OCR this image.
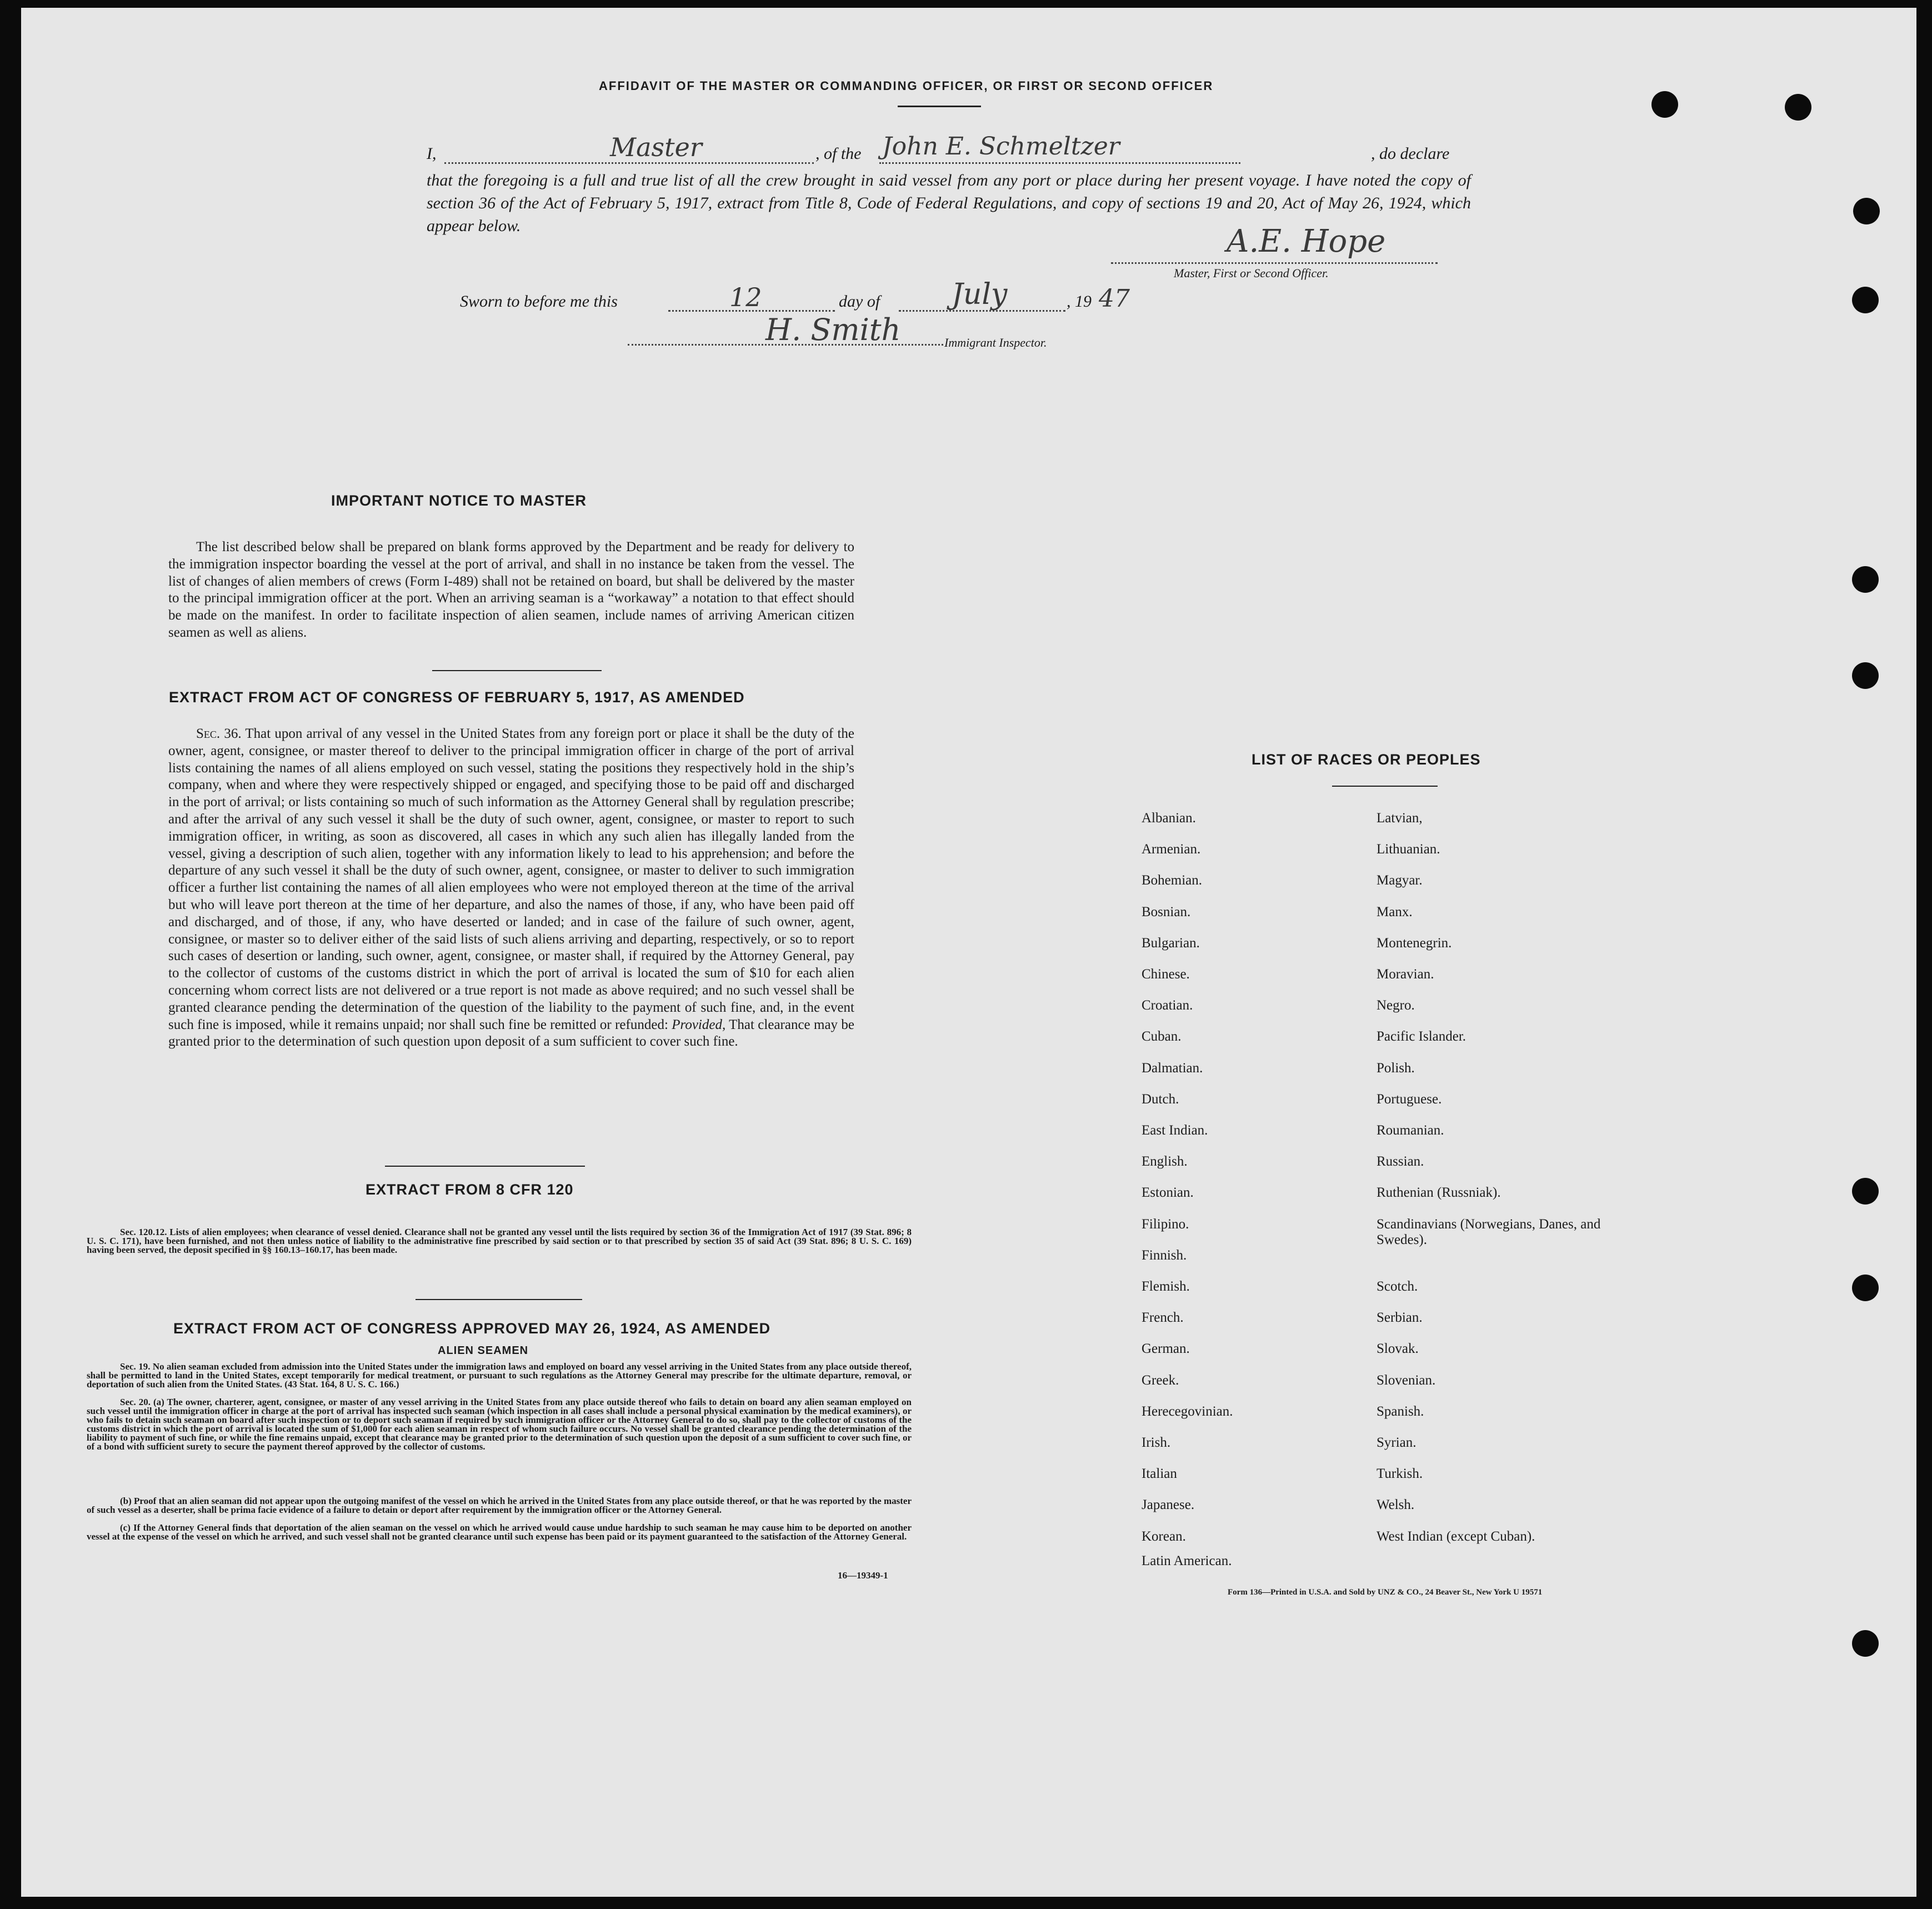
AFFIDAVIT OF THE MASTER OR COMMANDING OFFICER, OR FIRST OR SECOND OFFICER
I,	Master	, of the John E. Schmeltzer	, do declare
that the foregoing is a full and true list of all the crew brought in said vessel from any port or place during her present voyage. I have noted the copy of section 36 of the Act of February 5, 1917, extract from Title 8, Code of Federal Regulations, and copy of sections 19 and 20, Act of May 26, 1924, which appear below.	A.E. Hope
Master, First or Second Officer.
Sworn to before me this	12	day of July	, 19 47
H. Smith	Immigrant Inspector.
IMPORTANT NOTICE TO MASTER
The list described below shall be prepared on blank forms approved by the Department and be ready for delivery to the immigration inspector boarding the vessel at the port of arrival, and shall in no instance be taken from the vessel. The list of changes of alien members of crews (Form I-489) shall not be retained on board, but shall be delivered by the master to the principal immigration officer at the port. When an arriving seaman is a “workaway” a notation to that effect should be made on the manifest. In order to facilitate inspection of alien seamen, include names of arriving American citizen seamen as well as aliens.
EXTRACT FROM ACT OF CONGRESS OF FEBRUARY 5, 1917, AS AMENDED
Sec. 36. That upon arrival of any vessel in the United States from any foreign port or place it shall be the duty of the owner, agent, consignee, or master thereof to deliver to the principal immigration officer in charge of the port of arrival lists containing the names of all aliens employed on such vessel, stating the positions they respectively hold in the ship’s company, when and where they were respectively shipped or engaged, and specifying those to be paid off and discharged in the port of arrival; or lists containing so much of such information as the Attorney General shall by regulation prescribe; and after the arrival of any such vessel it shall be the duty of such owner, agent, consignee, or master to report to such immigration officer, in writing, as soon as discovered, all cases in which any such alien has illegally landed from the vessel, giving a description of such alien, together with any information likely to lead to his apprehension; and before the departure of any such vessel it shall be the duty of such owner, agent, consignee, or master to deliver to such immigration officer a further list containing the names of all alien employees who were not employed thereon at the time of the arrival but who will leave port thereon at the time of her departure, and also the names of those, if any, who have been paid off and discharged, and of those, if any, who have deserted or landed; and in case of the failure of such owner, agent, consignee, or master so to deliver either of the said lists of such aliens arriving and departing, respectively, or so to report such cases of desertion or landing, such owner, agent, consignee, or master shall, if required by the Attorney General, pay to the collector of customs of the customs district in which the port of arrival is located the sum of $10 for each alien concerning whom correct lists are not delivered or a true report is not made as above required; and no such vessel shall be granted clearance pending the determination of the question of the liability to the payment of such fine, and, in the event such fine is imposed, while it remains unpaid; nor shall such fine be remitted or refunded: Provided, That clearance may be granted prior to the determination of such question upon deposit of a sum sufficient to cover such fine.
EXTRACT FROM 8 CFR 120
Sec. 120.12. Lists of alien employees; when clearance of vessel denied. Clearance shall not be granted any vessel until the lists required by section 36 of the Immigration Act of 1917 (39 Stat. 896; 8 U. S. C. 171), have been furnished, and not then unless notice of liability to the administrative fine prescribed by said section or to that prescribed by section 35 of said Act (39 Stat. 896; 8 U. S. C. 169) having been served, the deposit specified in §§ 160.13–160.17, has been made.
EXTRACT FROM ACT OF CONGRESS APPROVED MAY 26, 1924, AS AMENDED
ALIEN SEAMEN
Sec. 19. No alien seaman excluded from admission into the United States under the immigration laws and employed on board any vessel arriving in the United States from any place outside thereof, shall be permitted to land in the United States, except temporarily for medical treatment, or pursuant to such regulations as the Attorney General may prescribe for the ultimate departure, removal, or deportation of such alien from the United States. (43 Stat. 164, 8 U. S. C. 166.)
Sec. 20. (a) The owner, charterer, agent, consignee, or master of any vessel arriving in the United States from any place outside thereof who fails to detain on board any alien seaman employed on such vessel until the immigration officer in charge at the port of arrival has inspected such seaman (which inspection in all cases shall include a personal physical examination by the medical examiners), or who fails to detain such seaman on board after such inspection or to deport such seaman if required by such immigration officer or the Attorney General to do so, shall pay to the collector of customs of the customs district in which the port of arrival is located the sum of $1,000 for each alien seaman in respect of whom such failure occurs. No vessel shall be granted clearance pending the determination of the liability to payment of such fine, or while the fine remains unpaid, except that clearance may be granted prior to the determination of such question upon the deposit of a sum sufficient to cover such fine, or of a bond with sufficient surety to secure the payment thereof approved by the collector of customs.
(b) Proof that an alien seaman did not appear upon the outgoing manifest of the vessel on which he arrived in the United States from any place outside thereof, or that he was reported by the master of such vessel as a deserter, shall be prima facie evidence of a failure to detain or deport after requirement by the immigration officer or the Attorney General.
(c) If the Attorney General finds that deportation of the alien seaman on the vessel on which he arrived would cause undue hardship to such seaman he may cause him to be deported on another vessel at the expense of the vessel on which he arrived, and such vessel shall not be granted clearance until such expense has been paid or its payment guaranteed to the satisfaction of the Attorney General.
16—19349-1
LIST OF RACES OR PEOPLES
Form 136—Printed in U.S.A. and Sold by UNZ & CO., 24 Beaver St., New York U 19571
Albanian.
Armenian.
Bohemian.
Bosnian.
Bulgarian.
Chinese.
Croatian.
Cuban.
Dalmatian.
Dutch.
East Indian.
English.
Estonian.
Filipino.
Finnish.
Flemish.
French.
German.
Greek.
Herecegovinian.
Irish.
Italian
Japanese.
Korean.
Latin American.
Latvian,
Lithuanian.
Magyar.
Manx.
Montenegrin.
Moravian.
Negro.
Pacific Islander.
Polish.
Portuguese.
Roumanian.
Russian.
Ruthenian (Russniak).
Scandinavians (Norwegians, Danes, and Swedes).
Scotch.
Serbian.
Slovak.
Slovenian.
Spanish.
Syrian.
Turkish.
Welsh.
West Indian (except Cuban).
